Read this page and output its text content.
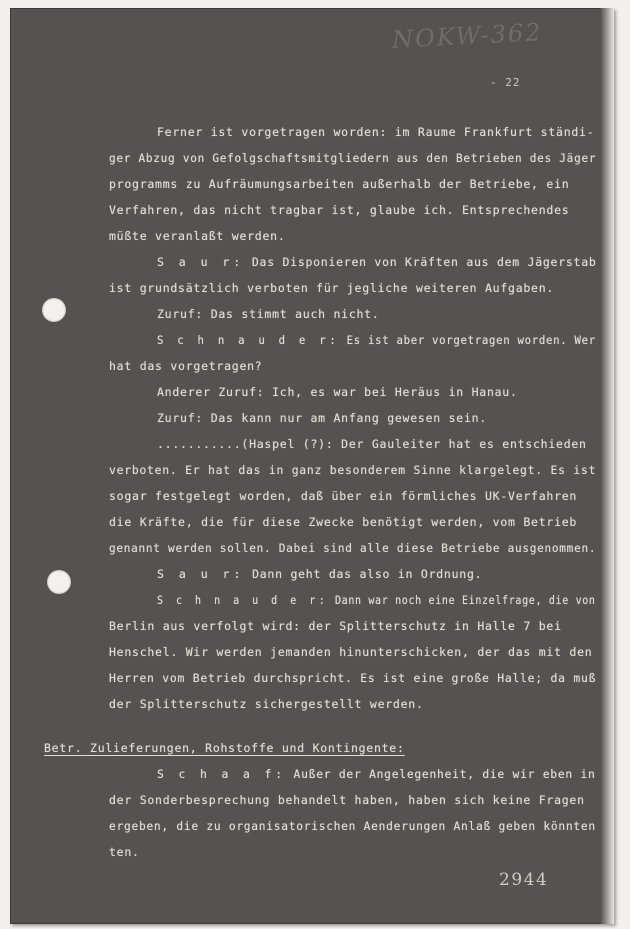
NOKW-362
- 22
Ferner ist vorgetragen worden: im Raume Frankfurt ständi-
ger Abzug von Gefolgschaftsmitgliedern aus den Betrieben des Jäger
programms zu Aufräumungsarbeiten außerhalb der Betriebe, ein
Verfahren, das nicht tragbar ist, glaube ich. Entsprechendes
müßte veranlaßt werden.
S a u r: Das Disponieren von Kräften aus dem Jägerstab
ist grundsätzlich verboten für jegliche weiteren Aufgaben.
Zuruf: Das stimmt auch nicht.
S c h n a u d e r: Es ist aber vorgetragen worden. Wer
hat das vorgetragen?
Anderer Zuruf: Ich, es war bei Heräus in Hanau.
Zuruf: Das kann nur am Anfang gewesen sein.
...........(Haspel (?): Der Gauleiter hat es entschieden
verboten. Er hat das in ganz besonderem Sinne klargelegt. Es ist
sogar festgelegt worden, daß über ein förmliches UK-Verfahren
die Kräfte, die für diese Zwecke benötigt werden, vom Betrieb
genannt werden sollen. Dabei sind alle diese Betriebe ausgenommen.
S a u r: Dann geht das also in Ordnung.
S c h n a u d e r: Dann war noch eine Einzelfrage, die von
Berlin aus verfolgt wird: der Splitterschutz in Halle 7 bei
Henschel. Wir werden jemanden hinunterschicken, der das mit den
Herren vom Betrieb durchspricht. Es ist eine große Halle; da muß
der Splitterschutz sichergestellt werden.
Betr. Zulieferungen, Rohstoffe und Kontingente:
S c h a a f: Außer der Angelegenheit, die wir eben in
der Sonderbesprechung behandelt haben, haben sich keine Fragen
ergeben, die zu organisatorischen Aenderungen Anlaß geben könnten
ten.
2944
